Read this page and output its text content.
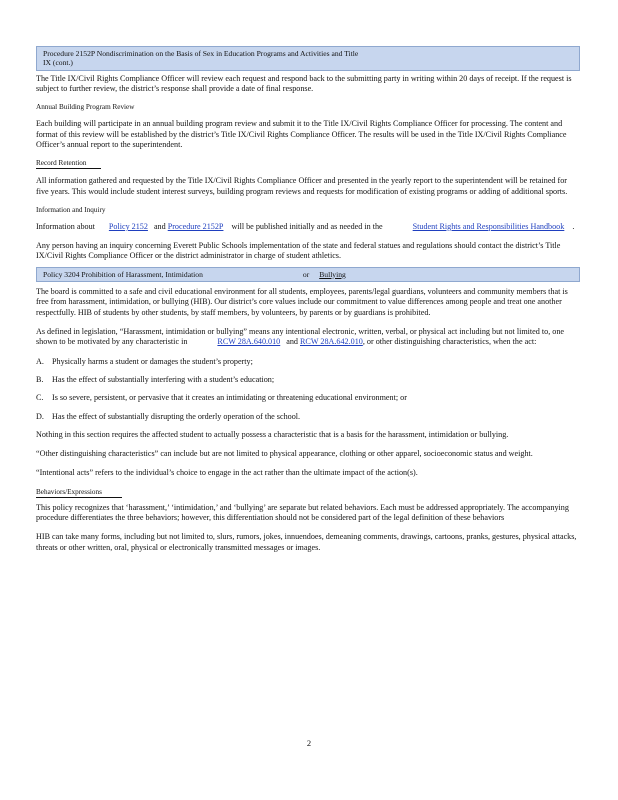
Procedure 2152P Nondiscrimination on the Basis of Sex in Education Programs and Activities and Title
IX (cont.)

The Title IX/Civil Rights Compliance Officer will review each request and respond back to the submitting party in writing within 20 days of receipt. If the request is subject to further review, the district’s response shall provide a date of final response.

Annual Building Program Review

Each building will participate in an annual building program review and submit it to the Title IX/Civil Rights Compliance Officer for processing. The content and format of this review will be established by the district’s Title IX/Civil Rights Compliance Officer. The results will be used in the Title IX/Civil Rights Compliance Officer’s annual report to the superintendent.

Record Retention

All information gathered and requested by the Title IX/Civil Rights Compliance Officer and presented in the yearly report to the superintendent will be retained for five years. This would include student interest surveys, building program reviews and requests for modification of existing programs or adding of additional sports.

Information and Inquiry

Information about Policy 2152 and Procedure 2152P will be published initially and as needed in the	Student Rights and Responsibilities Handbook .

Any person having an inquiry concerning Everett Public Schools implementation of the state and federal statues and regulations should contact the district’s Title IX/Civil Rights Compliance Officer or the district administrator in charge of student athletics.

Policy 3204 Prohibition of Harassment, Intimidation	or Bullying

The board is committed to a safe and civil educational environment for all students, employees, parents/legal guardians, volunteers and community members that is free from harassment, intimidation, or bullying (HIB). Our district’s core values include our commitment to value differences among people and treat one another respectfully. HIB of students by other students, by staff members, by volunteers, by parents or by guardians is prohibited.

As defined in legislation, “Harassment, intimidation or bullying” means any intentional electronic, written, verbal, or physical act including but not limited to, one shown to be motivated by any characteristic in	RCW 28A.640.010 and RCW 28A.642.010, or other distinguishing characteristics, when the act:

A. Physically harms a student or damages the student’s property;
B.	Has the effect of substantially interfering with a student’s education;
C.	Is so severe, persistent, or pervasive that it creates an intimidating or threatening educational environment; or
D. Has the effect of substantially disrupting the orderly operation of the school.

Nothing in this section requires the affected student to actually possess a characteristic that is a basis for the harassment, intimidation or bullying.

“Other distinguishing characteristics” can include but are not limited to physical appearance, clothing or other apparel, socioeconomic status and weight.

“Intentional acts” refers to the individual’s choice to engage in the act rather than the ultimate impact of the action(s).

Behaviors/Expressions

This policy recognizes that ‘harassment,’ ‘intimidation,’ and ‘bullying’ are separate but related behaviors. Each must be addressed appropriately. The accompanying procedure differentiates the three behaviors; however, this differentiation should not be considered part of the legal definition of these behaviors

HIB can take many forms, including but not limited to, slurs, rumors, jokes, innuendoes, demeaning comments, drawings, cartoons, pranks, gestures, physical attacks, threats or other written, oral, physical or electronically transmitted messages or images.

2
